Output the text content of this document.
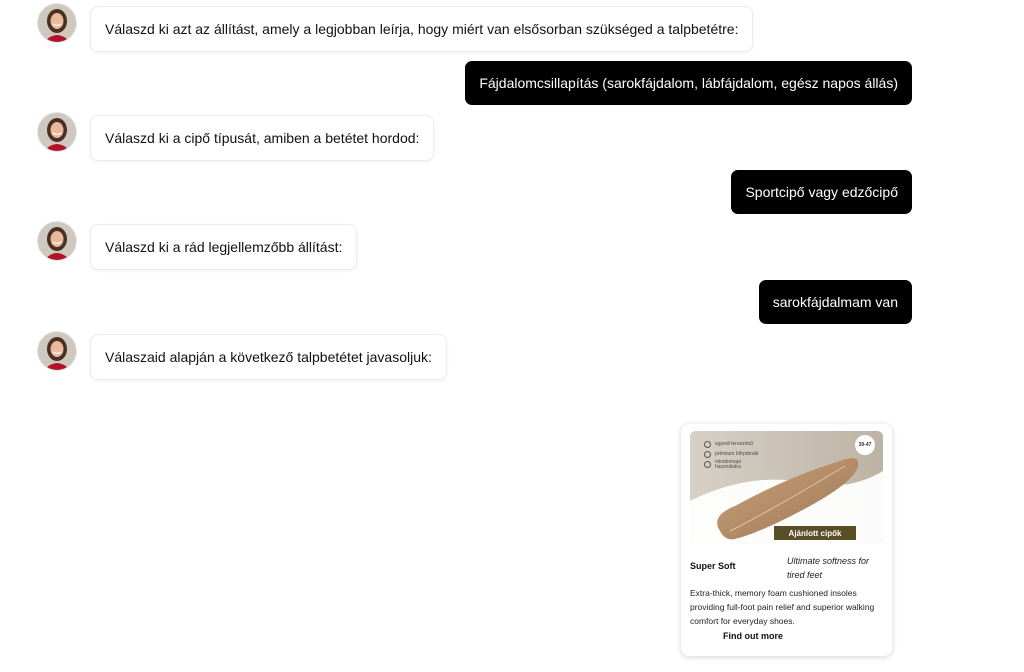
Válaszd ki azt az állítást, amely a legjobban leírja, hogy miért van elsősorban szükséged a talpbetétre:
Fájdalomcsillapítás (sarokfájdalom, lábfájdalom, egész napos állás)
Válaszd ki a cipő típusát, amiben a betétet hordod:
Sportcipő vagy edzőcipő
Válaszd ki a rád legjellemzőbb állítást:
sarokfájdalmam van
Válaszaid alapján a következő talpbetétet javasoljuk:
egyedi tervezésű
prémium bőrpárnák
mindennapi használatra
39-47
Ajánlott cipők
Super Soft	Ultimate softness for tired feet
Extra-thick, memory foam cushioned insoles providing full-foot pain relief and superior walking comfort for everyday shoes.
Find out more
